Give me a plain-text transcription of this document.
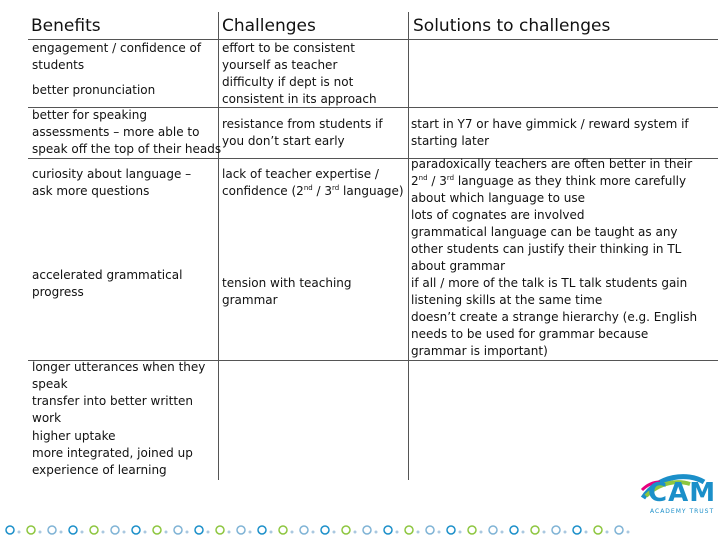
Benefits	Challenges	Solutions to challenges
engagement / confidence of students
better pronunciation
effort to be consistent yourself as teacher
difficulty if dept is not consistent in its approach
better for speaking assessments – more able to speak off the top of their heads
resistance from students if you don’t start early
start in Y7 or have gimmick / reward system if starting later
curiosity about language – ask more questions
accelerated grammatical progress
lack of teacher expertise / confidence (2nd / 3rd language)
tension with teaching grammar
paradoxically teachers are often better in their 2nd / 3rd language as they think more carefully about which language to use
lots of cognates are involved
grammatical language can be taught as any other students can justify their thinking in TL about grammar
if all / more of the talk is TL talk students gain listening skills at the same time
doesn’t create a strange hierarchy (e.g. English needs to be used for grammar because grammar is important)
longer utterances when they speak
transfer into better written work
higher uptake
more integrated, joined up experience of learning
CAM
ACADEMY TRUST
